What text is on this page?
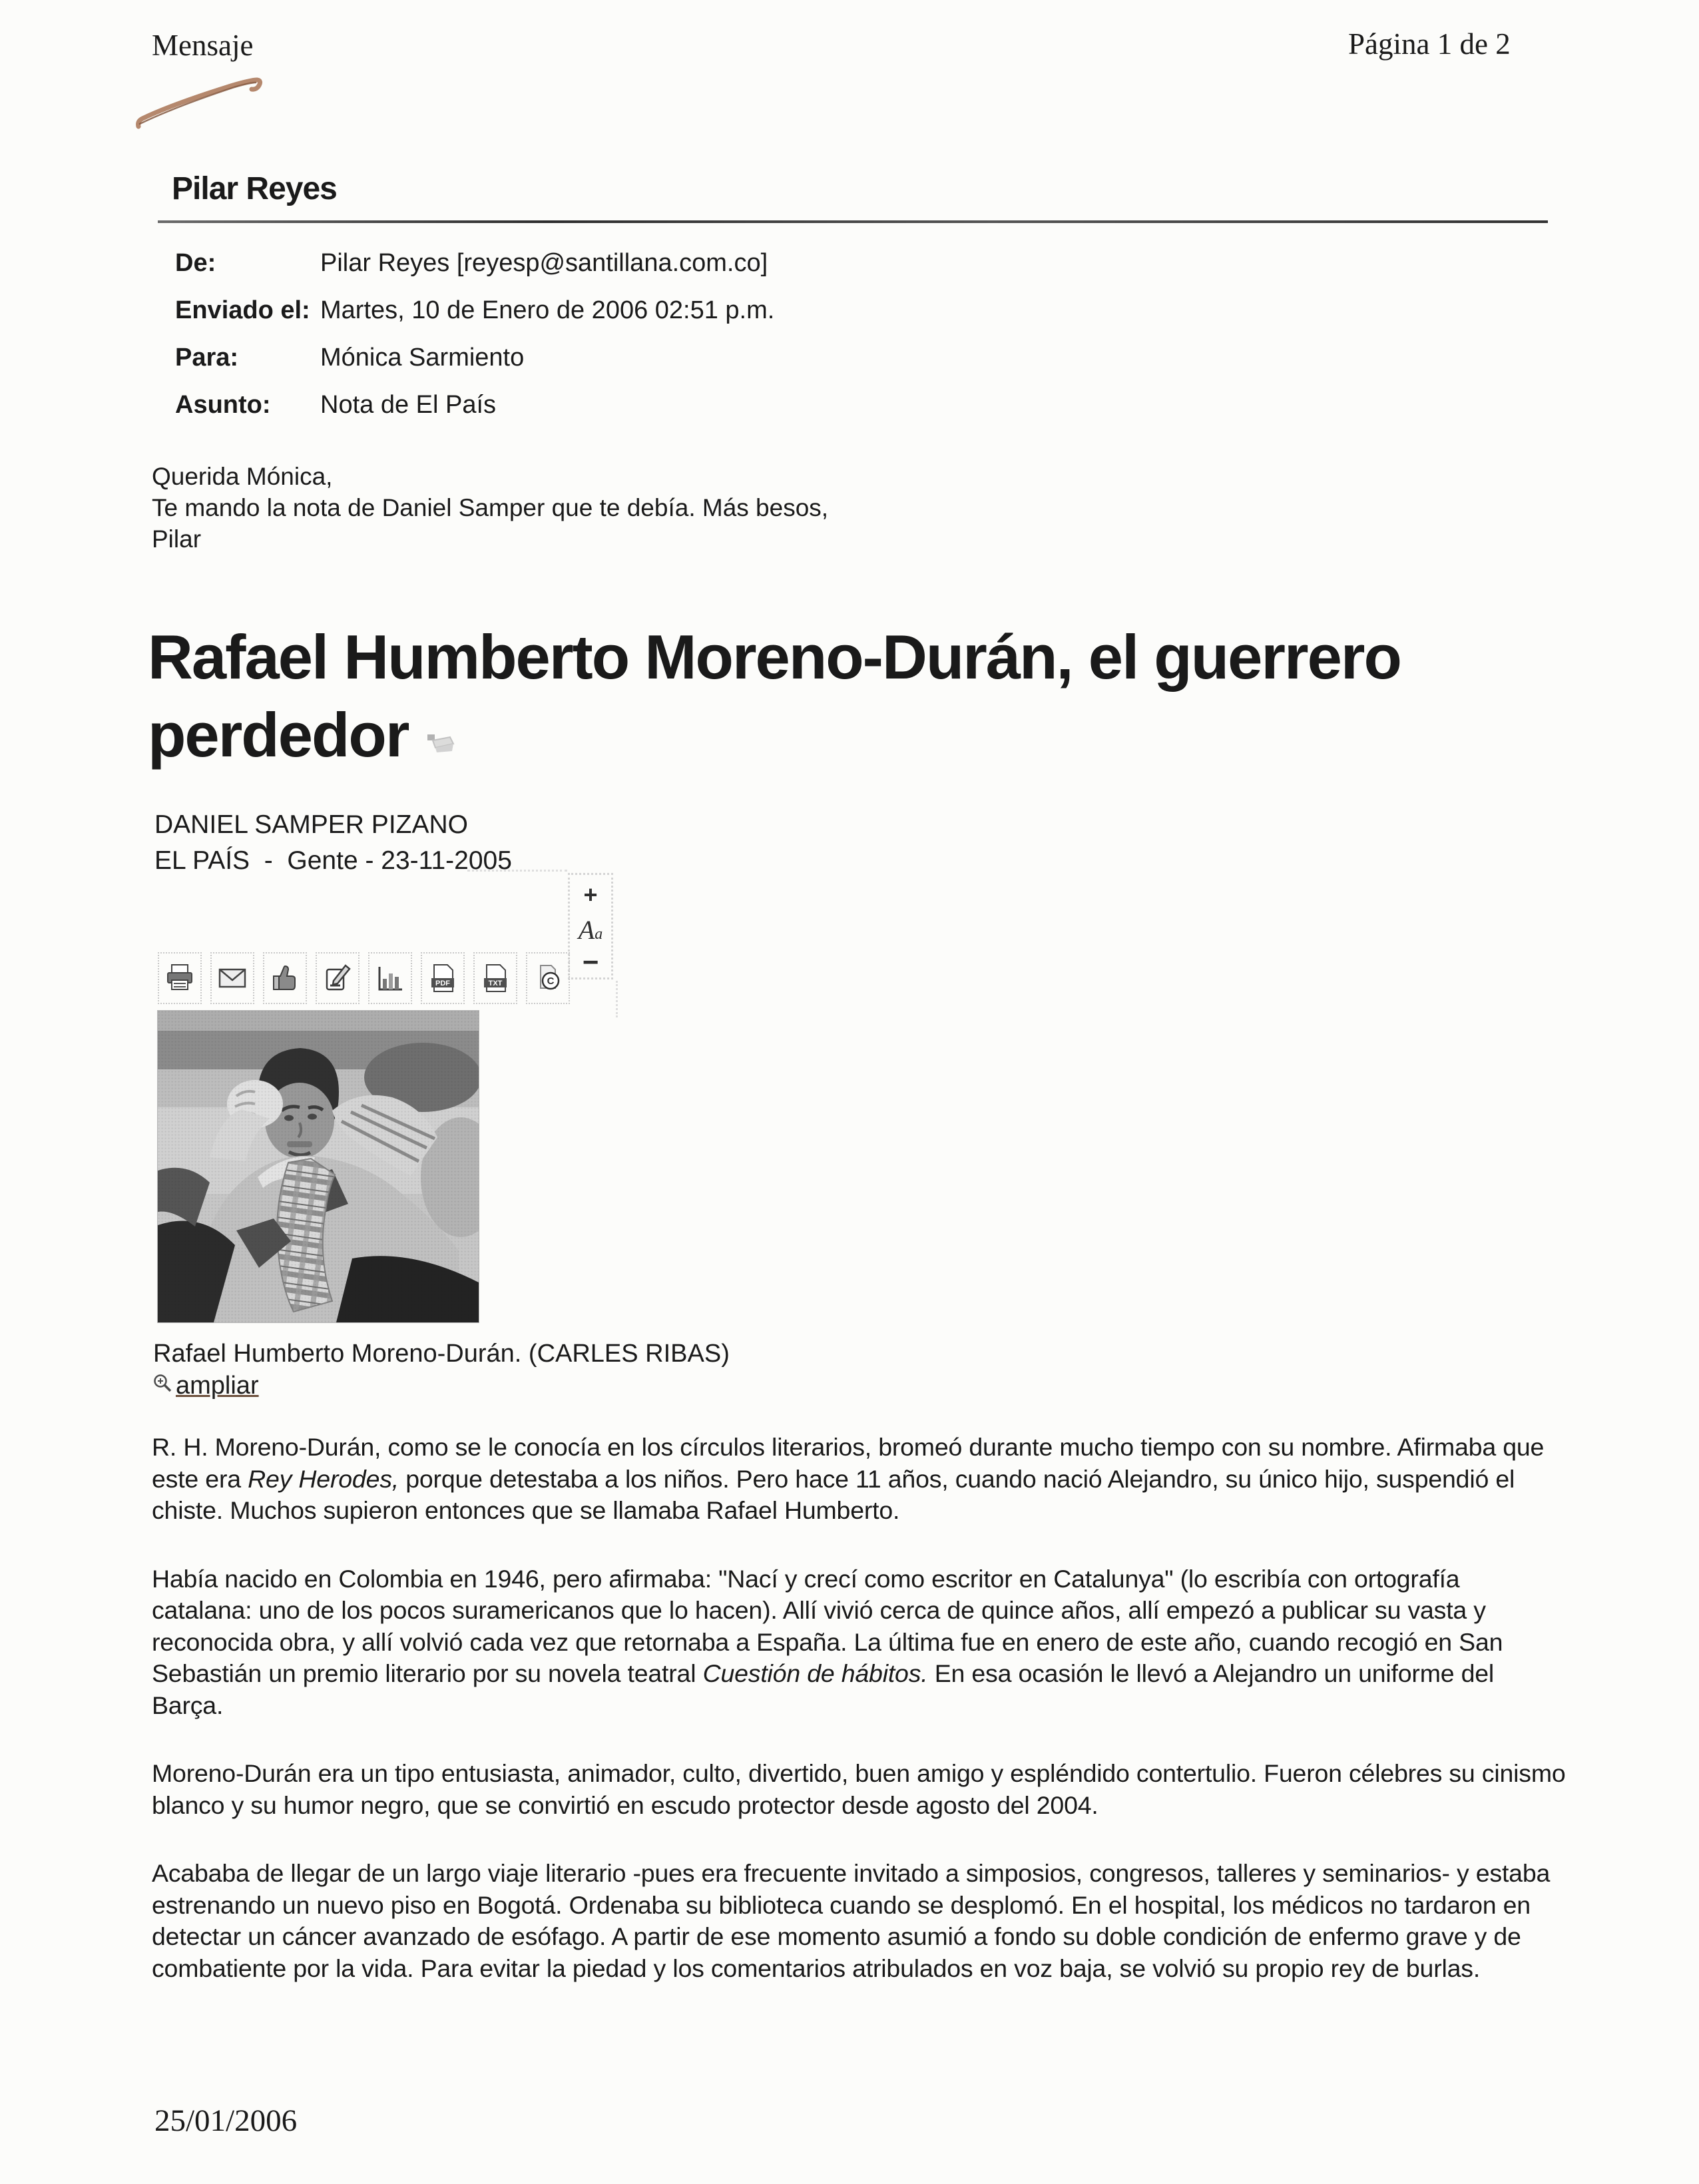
Mensaje	Página 1 de 2
Pilar Reyes
De:	Pilar Reyes [reyesp@santillana.com.co]
Enviado el: Martes, 10 de Enero de 2006 02:51 p.m.
Para:	Mónica Sarmiento
Asunto:	Nota de El País
Querida Mónica,
Te mando la nota de Daniel Samper que te debía. Más besos,
Pilar
Rafael Humberto Moreno-Durán, el guerrero perdedor
DANIEL SAMPER PIZANO
EL PAÍS  -  Gente - 23-11-2005
+
Aa
−
PDF	TXT	C
Rafael Humberto Moreno-Durán. (CARLES RIBAS)
ampliar

R. H. Moreno-Durán, como se le conocía en los círculos literarios, bromeó durante mucho tiempo con su nombre. Afirmaba que este era Rey Herodes, porque detestaba a los niños. Pero hace 11 años, cuando nació Alejandro, su único hijo, suspendió el chiste. Muchos supieron entonces que se llamaba Rafael Humberto.

Había nacido en Colombia en 1946, pero afirmaba: "Nací y crecí como escritor en Catalunya" (lo escribía con ortografía catalana: uno de los pocos suramericanos que lo hacen). Allí vivió cerca de quince años, allí empezó a publicar su vasta y reconocida obra, y allí volvió cada vez que retornaba a España. La última fue en enero de este año, cuando recogió en San Sebastián un premio literario por su novela teatral Cuestión de hábitos. En esa ocasión le llevó a Alejandro un uniforme del Barça.

Moreno-Durán era un tipo entusiasta, animador, culto, divertido, buen amigo y espléndido contertulio. Fueron célebres su cinismo blanco y su humor negro, que se convirtió en escudo protector desde agosto del 2004.

Acababa de llegar de un largo viaje literario -pues era frecuente invitado a simposios, congresos, talleres y seminarios- y estaba estrenando un nuevo piso en Bogotá. Ordenaba su biblioteca cuando se desplomó. En el hospital, los médicos no tardaron en detectar un cáncer avanzado de esófago. A partir de ese momento asumió a fondo su doble condición de enfermo grave y de combatiente por la vida. Para evitar la piedad y los comentarios atribulados en voz baja, se volvió su propio rey de burlas.

25/01/2006
